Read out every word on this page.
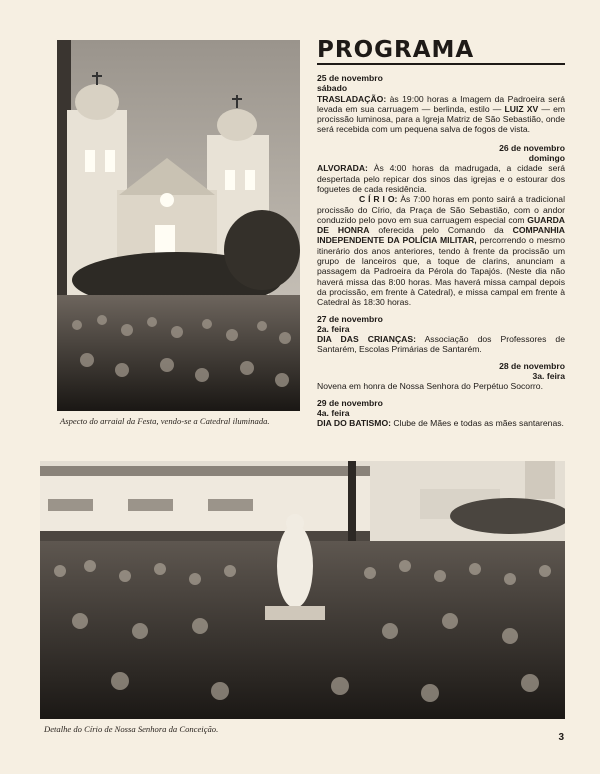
Aspecto do arraial da Festa, vendo-se a Catedral iluminada.
PROGRAMA
25 de novembro
sábado

TRASLADAÇÃO: às 19:00 horas a Imagem da Padroeira será levada em sua carruagem — berlinda, estilo — LUIZ XV — em procissão luminosa, para a Igreja Matriz de São Sebastião, onde será recebida com um pequena salva de fogos de vista.

26 de novembro
domingo

ALVORADA: Às 4:00 horas da madrugada, a cidade será despertada pelo repicar dos sinos das igrejas e o estourar dos foguetes de cada residência.

C Í R I O: Às 7:00 horas em ponto sairá a tradicional procissão do Círio, da Praça de São Sebastião, com o andor conduzido pelo povo em sua carruagem especial com GUARDA DE HONRA oferecida pelo Comando da COMPANHIA INDEPENDENTE DA POLÍCIA MILITAR, percorrendo o mesmo itinerário dos anos anteriores, tendo à frente da procissão um grupo de lanceiros que, a toque de clarins, anunciam a passagem da Padroeira da Pérola do Tapajós. (Neste dia não haverá missa das 8:00 horas. Mas haverá missa campal depois da procissão, em frente à Catedral), e missa campal em frente à Catedral às 18:30 horas.

27 de novembro
2a. feira

DIA DAS CRIANÇAS: Associação dos Professores de Santarém, Escolas Primárias de Santarém.

28 de novembro
3a. feira

Novena em honra de Nossa Senhora do Perpétuo Socorro.

29 de novembro
4a. feira

DIA DO BATISMO: Clube de Mães e todas as mães santarenas.

Detalhe do Círio de Nossa Senhora da Conceição.
3
